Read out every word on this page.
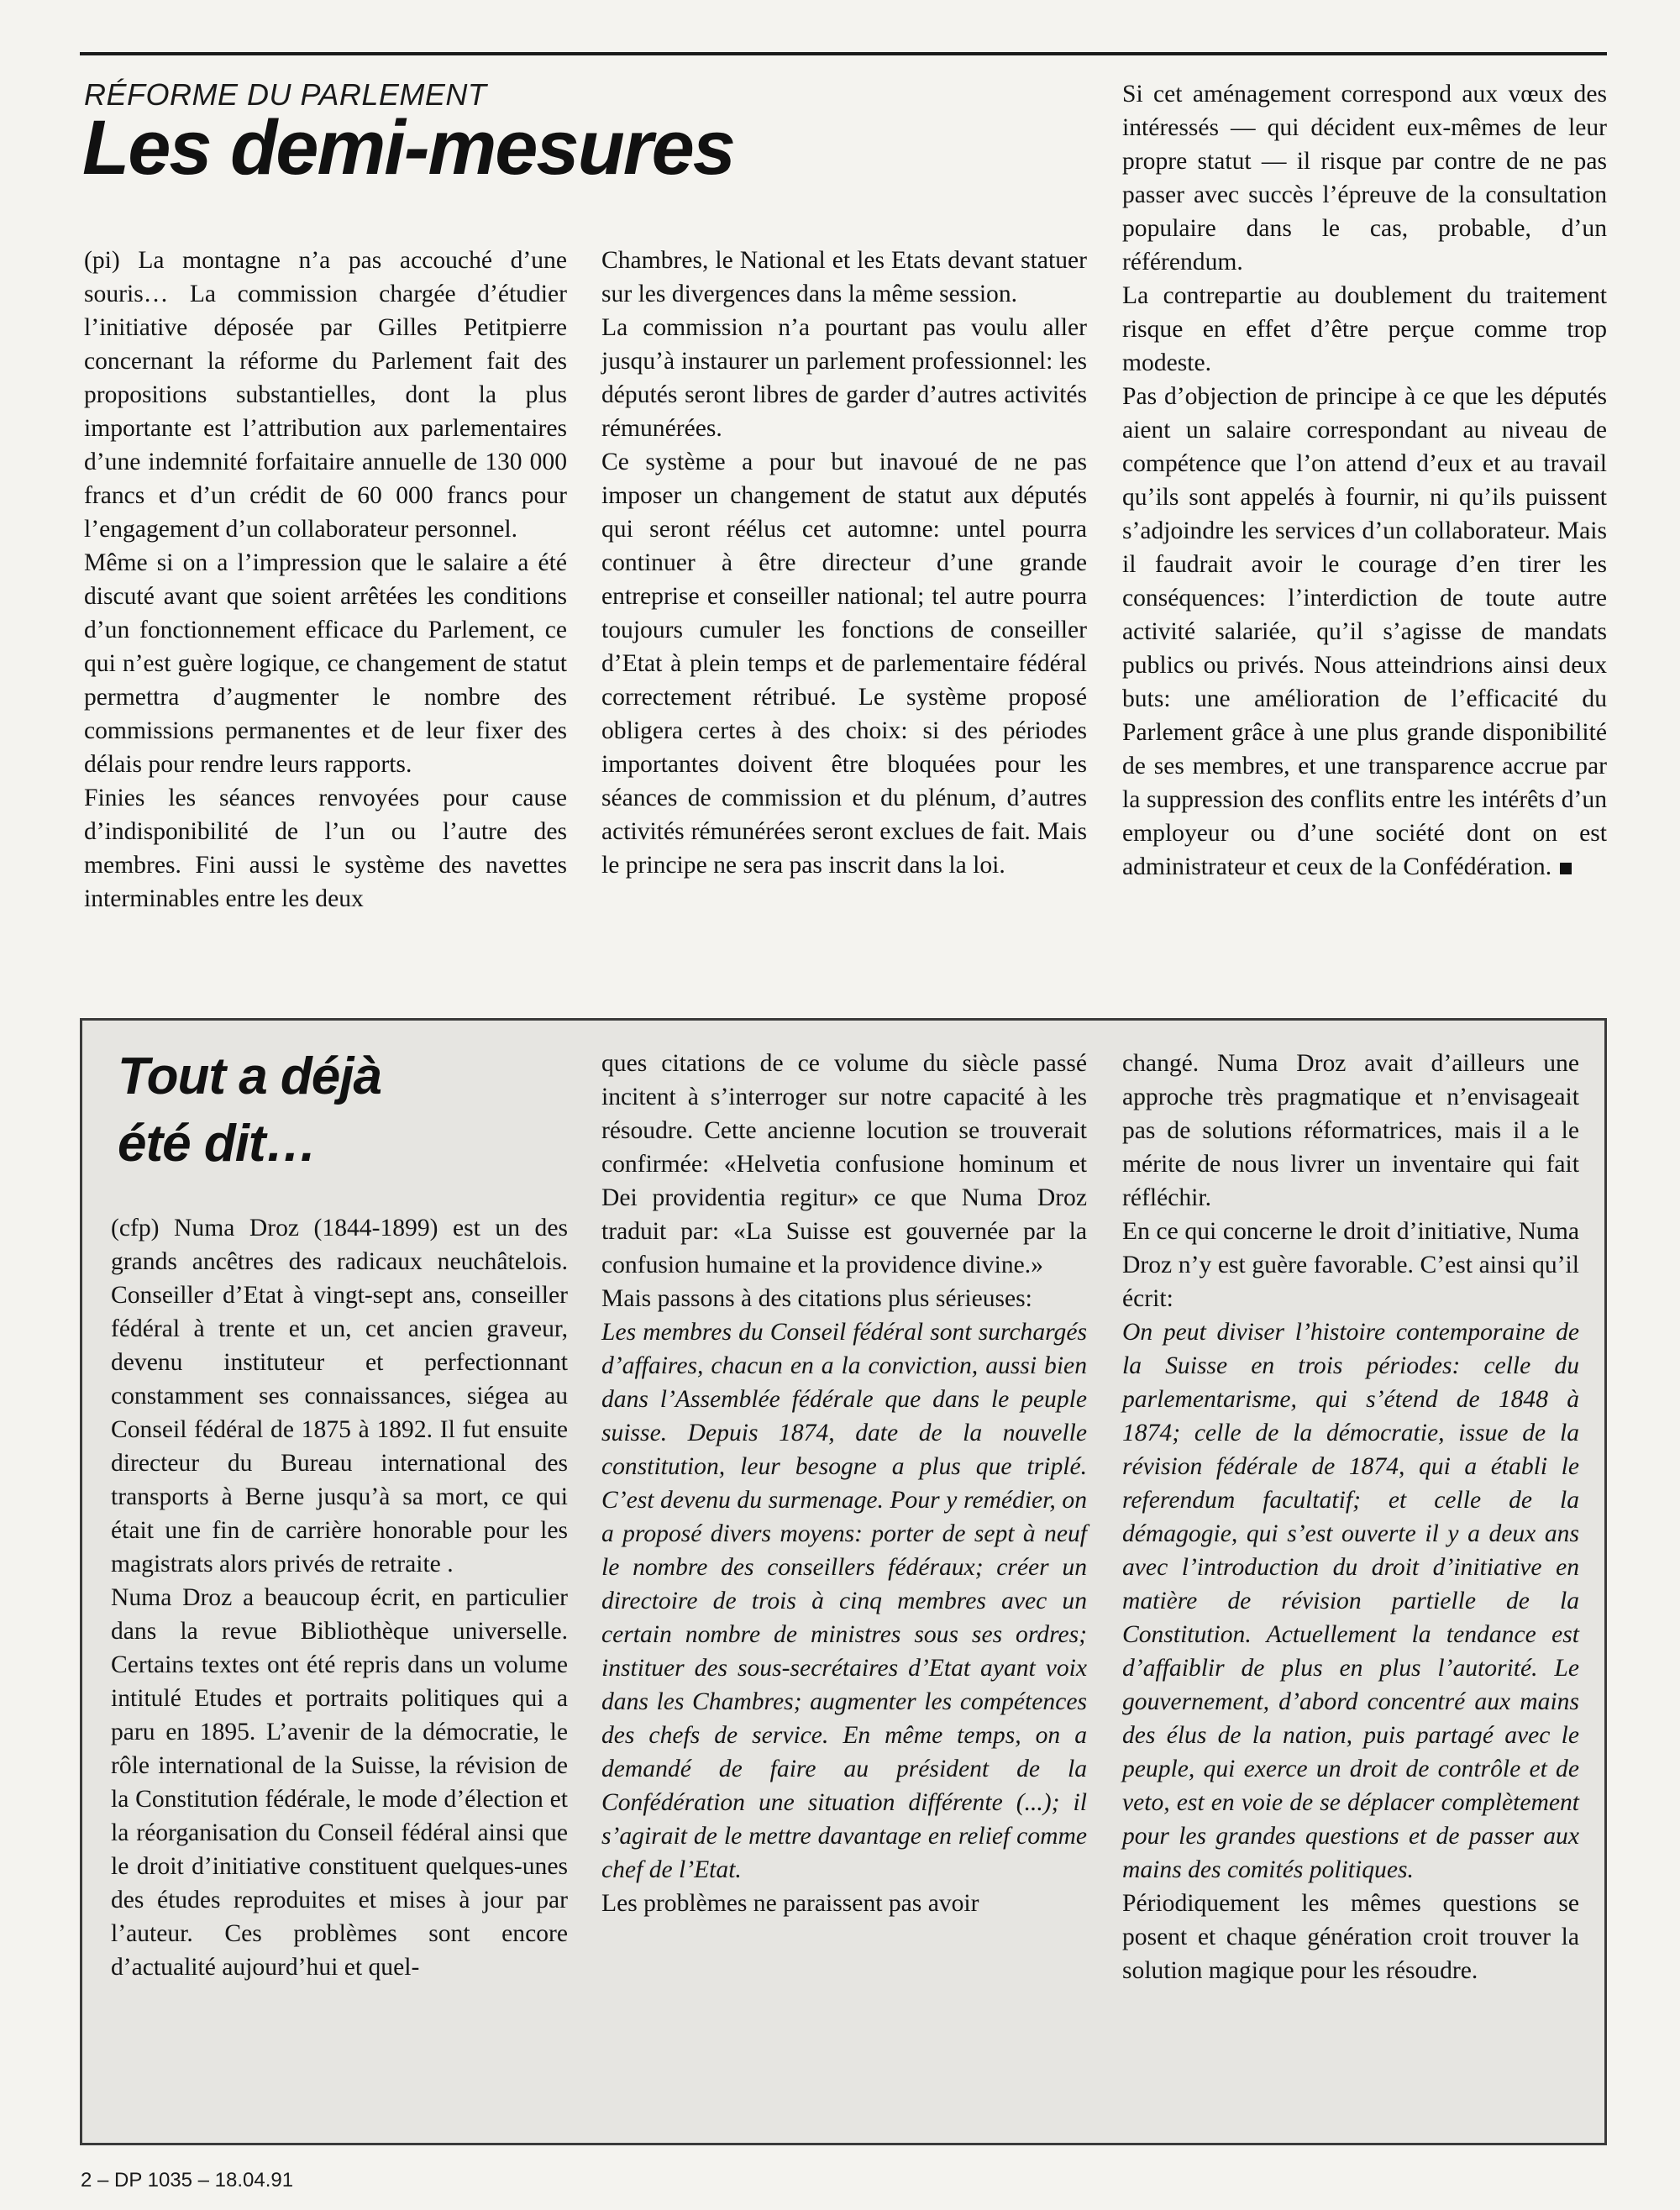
RÉFORME DU PARLEMENT
Les demi-mesures

(pi) La montagne n’a pas accouché d’une souris… La commission chargée d’étudier l’initiative déposée par Gilles Petitpierre concernant la réforme du Parlement fait des propositions substantielles, dont la plus importante est l’attribution aux parlementaires d’une indemnité forfaitaire annuelle de 130 000 francs et d’un crédit de 60 000 francs pour l’engagement d’un collaborateur personnel.

Même si on a l’impression que le salaire a été discuté avant que soient arrêtées les conditions d’un fonctionnement efficace du Parlement, ce qui n’est guère logique, ce changement de statut permettra d’augmenter le nombre des commissions permanentes et de leur fixer des délais pour rendre leurs rapports.

Finies les séances renvoyées pour cause d’indisponibilité de l’un ou l’autre des membres. Fini aussi le système des navettes interminables entre les deux

Chambres, le National et les Etats devant statuer sur les divergences dans la même session.

La commission n’a pourtant pas voulu aller jusqu’à instaurer un parlement professionnel: les députés seront libres de garder d’autres activités rémunérées.

Ce système a pour but inavoué de ne pas imposer un changement de statut aux députés qui seront réélus cet automne: untel pourra continuer à être directeur d’une grande entreprise et conseiller national; tel autre pourra toujours cumuler les fonctions de conseiller d’Etat à plein temps et de parlementaire fédéral correctement rétribué. Le système proposé obligera certes à des choix: si des périodes importantes doivent être bloquées pour les séances de commission et du plénum, d’autres activités rémunérées seront exclues de fait. Mais le principe ne sera pas inscrit dans la loi.

Si cet aménagement correspond aux vœux des intéressés — qui décident eux-mêmes de leur propre statut — il risque par contre de ne pas passer avec succès l’épreuve de la consultation populaire dans le cas, probable, d’un référendum.

La contrepartie au doublement du traitement risque en effet d’être perçue comme trop modeste.

Pas d’objection de principe à ce que les députés aient un salaire correspondant au niveau de compétence que l’on attend d’eux et au travail qu’ils sont appelés à fournir, ni qu’ils puissent s’adjoindre les services d’un collaborateur. Mais il faudrait avoir le courage d’en tirer les conséquences: l’interdiction de toute autre activité salariée, qu’il s’agisse de mandats publics ou privés. Nous atteindrions ainsi deux buts: une amélioration de l’efficacité du Parlement grâce à une plus grande disponibilité de ses membres, et une transparence accrue par la suppression des conflits entre les intérêts d’un employeur ou d’une société dont on est administrateur et ceux de la Confédération.

Tout a déjà
été dit…

(cfp) Numa Droz (1844-1899) est un des grands ancêtres des radicaux neuchâtelois. Conseiller d’Etat à vingt-sept ans, conseiller fédéral à trente et un, cet ancien graveur, devenu instituteur et perfectionnant constamment ses connaissances, siégea au Conseil fédéral de 1875 à 1892. Il fut ensuite directeur du Bureau international des transports à Berne jusqu’à sa mort, ce qui était une fin de carrière honorable pour les magistrats alors privés de retraite .

Numa Droz a beaucoup écrit, en particulier dans la revue Bibliothèque universelle. Certains textes ont été repris dans un volume intitulé Etudes et portraits politiques qui a paru en 1895. L’avenir de la démocratie, le rôle international de la Suisse, la révision de la Constitution fédérale, le mode d’élection et la réorganisation du Conseil fédéral ainsi que le droit d’initiative constituent quelques-unes des études reproduites et mises à jour par l’auteur. Ces problèmes sont encore d’actualité aujourd’hui et quel-

ques citations de ce volume du siècle passé incitent à s’interroger sur notre capacité à les résoudre. Cette ancienne locution se trouverait confirmée: «Helvetia confusione hominum et Dei providentia regitur» ce que Numa Droz traduit par: «La Suisse est gouvernée par la confusion humaine et la providence divine.»

Mais passons à des citations plus sérieuses:

Les membres du Conseil fédéral sont surchargés d’affaires, chacun en a la conviction, aussi bien dans l’Assemblée fédérale que dans le peuple suisse. Depuis 1874, date de la nouvelle constitution, leur besogne a plus que triplé. C’est devenu du surmenage. Pour y remédier, on a proposé divers moyens: porter de sept à neuf le nombre des conseillers fédéraux; créer un directoire de trois à cinq membres avec un certain nombre de ministres sous ses ordres; instituer des sous-secrétaires d’Etat ayant voix dans les Chambres; augmenter les compétences des chefs de service. En même temps, on a demandé de faire au président de la Confédération une situation différente (...); il s’agirait de le mettre davantage en relief comme chef de l’Etat.

Les problèmes ne paraissent pas avoir

changé. Numa Droz avait d’ailleurs une approche très pragmatique et n’envisageait pas de solutions réformatrices, mais il a le mérite de nous livrer un inventaire qui fait réfléchir.

En ce qui concerne le droit d’initiative, Numa Droz n’y est guère favorable. C’est ainsi qu’il écrit:

On peut diviser l’histoire contemporaine de la Suisse en trois périodes: celle du parlementarisme, qui s’étend de 1848 à 1874; celle de la démocratie, issue de la révision fédérale de 1874, qui a établi le referendum facultatif; et celle de la démagogie, qui s’est ouverte il y a deux ans avec l’introduction du droit d’initiative en matière de révision partielle de la Constitution. Actuellement la tendance est d’affaiblir de plus en plus l’autorité. Le gouvernement, d’abord concentré aux mains des élus de la nation, puis partagé avec le peuple, qui exerce un droit de contrôle et de veto, est en voie de se déplacer complètement pour les grandes questions et de passer aux mains des comités politiques.

Périodiquement les mêmes questions se posent et chaque génération croit trouver la solution magique pour les résoudre.

2 – DP 1035 – 18.04.91
